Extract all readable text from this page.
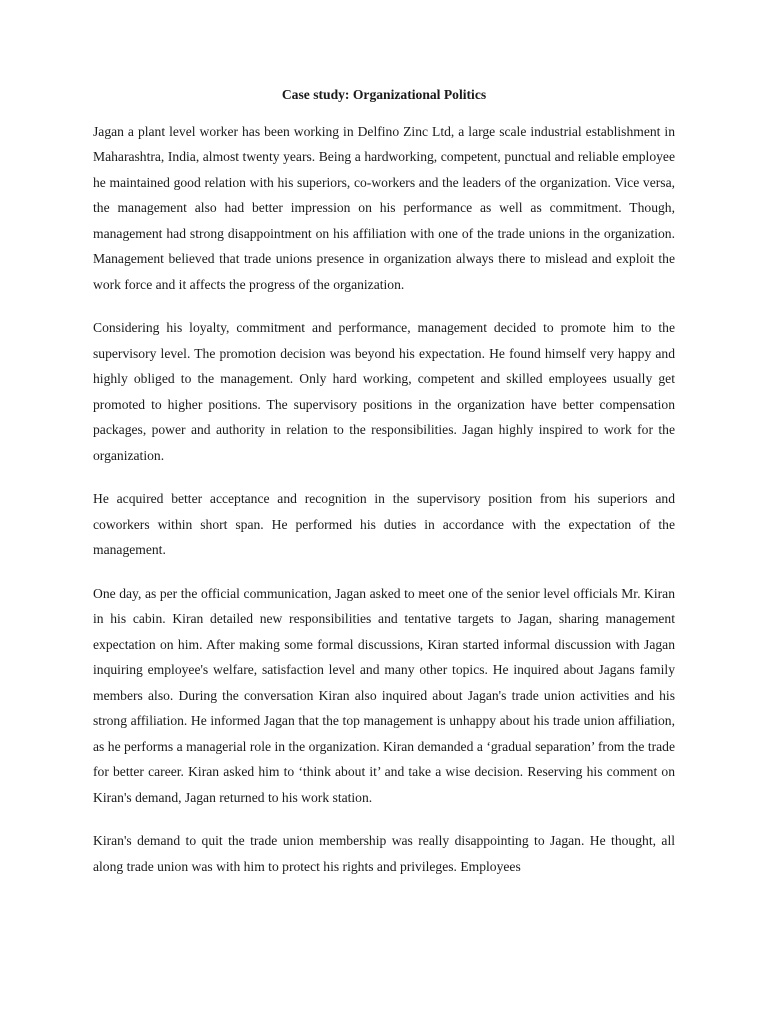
Case study: Organizational Politics

Jagan a plant level worker has been working in Delfino Zinc Ltd, a large scale industrial establishment in Maharashtra, India, almost twenty years. Being a hardworking, competent, punctual and reliable employee he maintained good relation with his superiors, co-workers and the leaders of the organization. Vice versa, the management also had better impression on his performance as well as commitment. Though, management had strong disappointment on his affiliation with one of the trade unions in the organization. Management believed that trade unions presence in organization always there to mislead and exploit the work force and it affects the progress of the organization.

Considering his loyalty, commitment and performance, management decided to promote him to the supervisory level. The promotion decision was beyond his expectation. He found himself very happy and highly obliged to the management. Only hard working, competent and skilled employees usually get promoted to higher positions. The supervisory positions in the organization have better compensation packages, power and authority in relation to the responsibilities. Jagan highly inspired to work for the organization.

He acquired better acceptance and recognition in the supervisory position from his superiors and coworkers within short span. He performed his duties in accordance with the expectation of the management.

One day, as per the official communication, Jagan asked to meet one of the senior level officials Mr. Kiran in his cabin. Kiran detailed new responsibilities and tentative targets to Jagan, sharing management expectation on him. After making some formal discussions, Kiran started informal discussion with Jagan inquiring employee's welfare, satisfaction level and many other topics. He inquired about Jagans family members also. During the conversation Kiran also inquired about Jagan's trade union activities and his strong affiliation. He informed Jagan that the top management is unhappy about his trade union affiliation, as he performs a managerial role in the organization. Kiran demanded a ‘gradual separation’ from the trade for better career. Kiran asked him to ‘think about it’ and take a wise decision. Reserving his comment on Kiran's demand, Jagan returned to his work station.

Kiran's demand to quit the trade union membership was really disappointing to Jagan. He thought, all along trade union was with him to protect his rights and privileges. Employees
